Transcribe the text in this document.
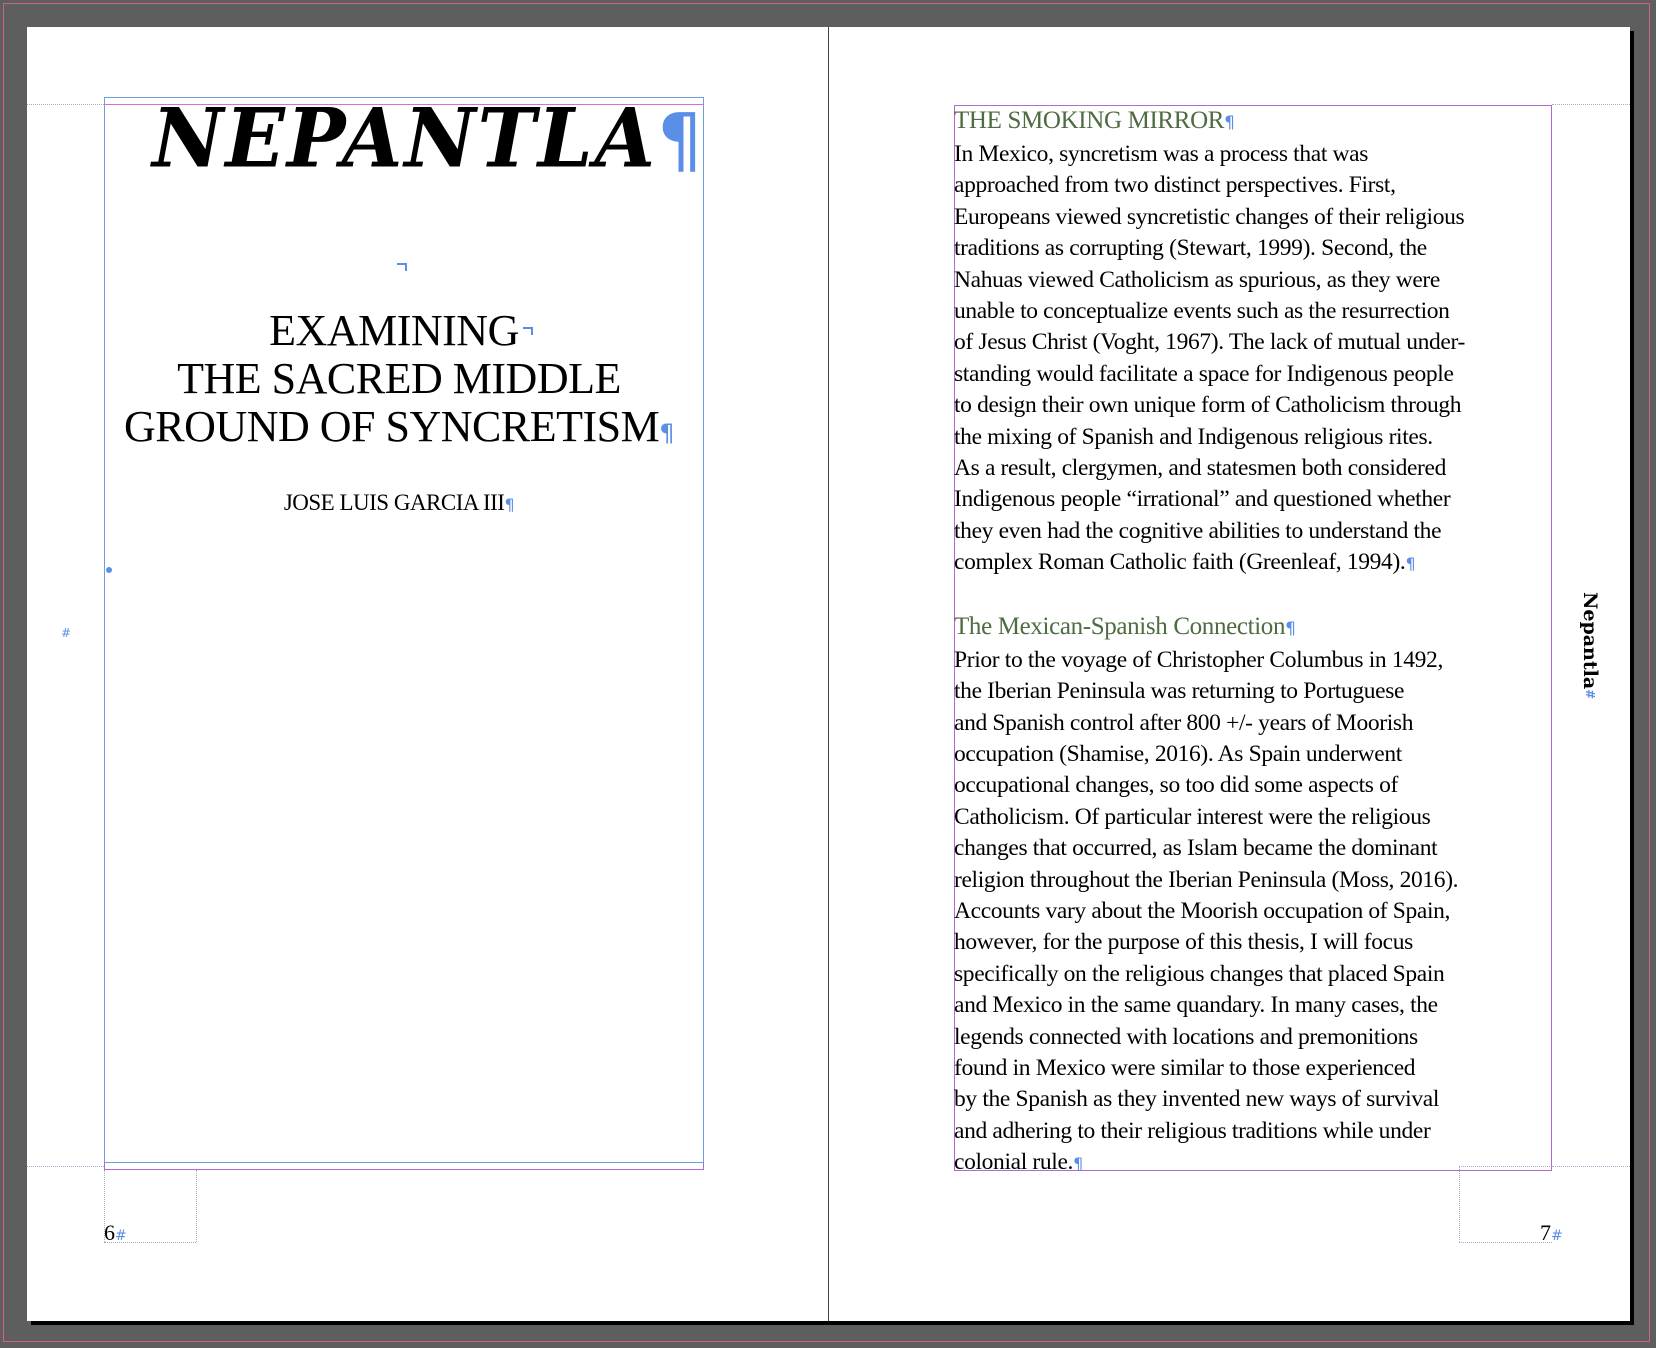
NEPANTLA¶
EXAMINING
THE SACRED MIDDLE
GROUND OF SYNCRETISM¶
JOSE LUIS GARCIA III¶
#
6#

THE SMOKING MIRROR¶

In Mexico, syncretism was a process that was

approached from two distinct perspectives. First,

Europeans viewed syncretistic changes of their religious

traditions as corrupting (Stewart, 1999). Second, the

Nahuas viewed Catholicism as spurious, as they were

unable to conceptualize events such as the resurrection

of Jesus Christ (Voght, 1967). The lack of mutual under-

standing would facilitate a space for Indigenous people

to design their own unique form of Catholicism through

the mixing of Spanish and Indigenous religious rites.

As a result, clergymen, and statesmen both considered

Indigenous people “irrational” and questioned whether

they even had the cognitive abilities to understand the

complex Roman Catholic faith (Greenleaf, 1994).¶

The Mexican-Spanish Connection¶

Prior to the voyage of Christopher Columbus in 1492,

the Iberian Peninsula was returning to Portuguese

and Spanish control after 800 +/- years of Moorish

occupation (Shamise, 2016). As Spain underwent

occupational changes, so too did some aspects of

Catholicism. Of particular interest were the religious

changes that occurred, as Islam became the dominant

religion throughout the Iberian Peninsula (Moss, 2016).

Accounts vary about the Moorish occupation of Spain,

however, for the purpose of this thesis, I will focus

specifically on the religious changes that placed Spain

and Mexico in the same quandary. In many cases, the

legends connected with locations and premonitions

found in Mexico were similar to those experienced

by the Spanish as they invented new ways of survival

and adhering to their religious traditions while under

colonial rule.¶

Nepantla#
7#
